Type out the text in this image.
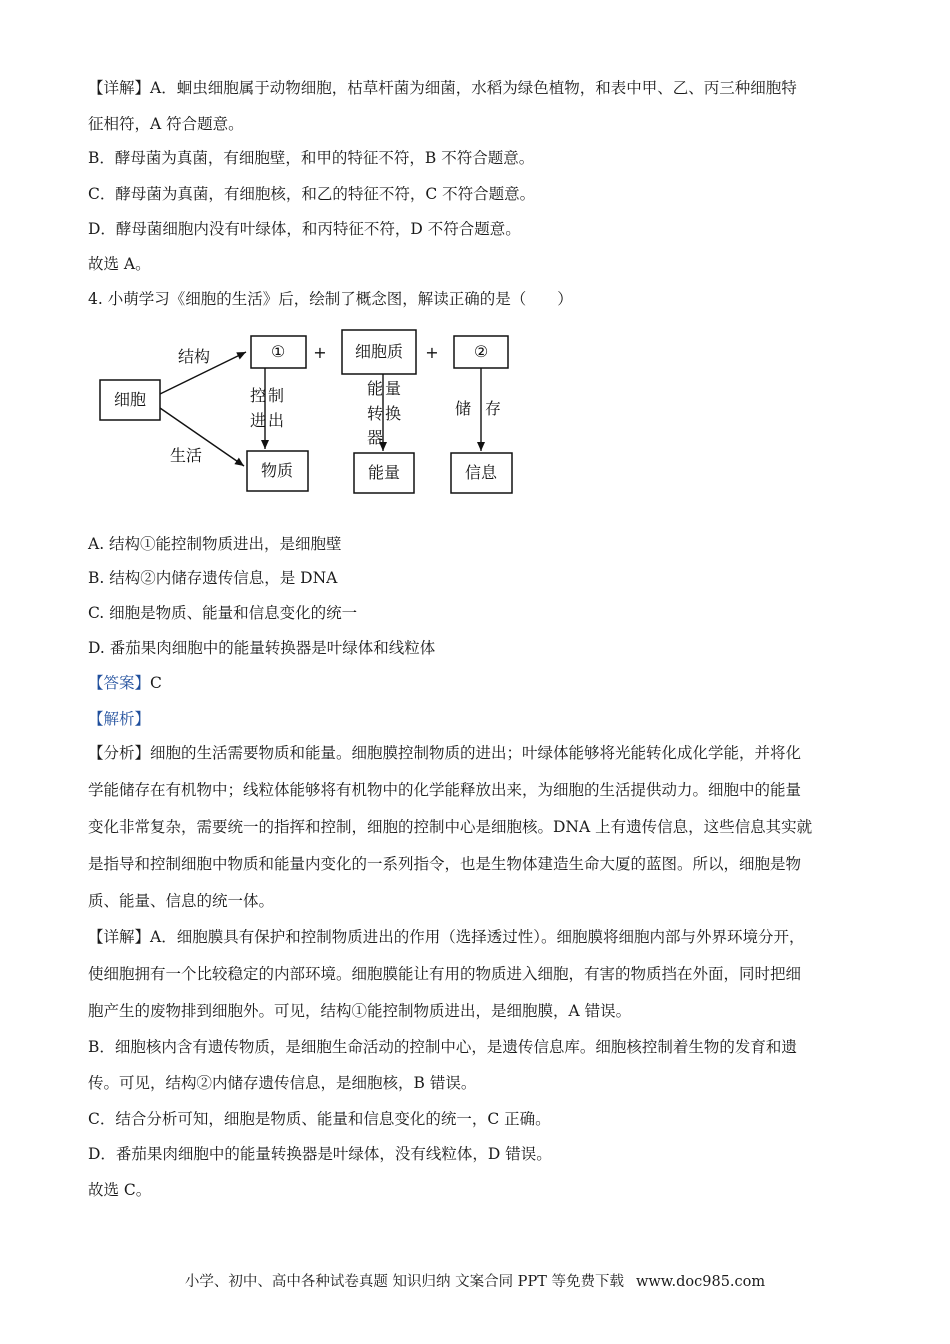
【详解】A．蛔虫细胞属于动物细胞，枯草杆菌为细菌，水稻为绿色植物，和表中甲、乙、丙三种细胞特
征相符，A 符合题意。
B．酵母菌为真菌，有细胞壁，和甲的特征不符，B 不符合题意。
C．酵母菌为真菌，有细胞核，和乙的特征不符，C 不符合题意。
D．酵母菌细胞内没有叶绿体，和丙特征不符，D 不符合题意。
故选 A。
4. 小萌学习《细胞的生活》后，绘制了概念图，解读正确的是（　　）
细胞
① + 细胞质 + ②
物质	能量	信息
结构
生活
控 制
进 出
能 量
转 换
器
储 存
A. 结构①能控制物质进出，是细胞壁
B. 结构②内储存遗传信息，是 DNA
C. 细胞是物质、能量和信息变化的统一
D. 番茄果肉细胞中的能量转换器是叶绿体和线粒体
【答案】C
【解析】
【分析】细胞的生活需要物质和能量。细胞膜控制物质的进出；叶绿体能够将光能转化成化学能，并将化
学能储存在有机物中；线粒体能够将有机物中的化学能释放出来，为细胞的生活提供动力。细胞中的能量
变化非常复杂，需要统一的指挥和控制，细胞的控制中心是细胞核。DNA 上有遗传信息，这些信息其实就
是指导和控制细胞中物质和能量内变化的一系列指令，也是生物体建造生命大厦的蓝图。所以，细胞是物
质、能量、信息的统一体。
【详解】A．细胞膜具有保护和控制物质进出的作用（选择透过性）。细胞膜将细胞内部与外界环境分开，
使细胞拥有一个比较稳定的内部环境。细胞膜能让有用的物质进入细胞，有害的物质挡在外面，同时把细
胞产生的废物排到细胞外。可见，结构①能控制物质进出，是细胞膜，A 错误。
B．细胞核内含有遗传物质，是细胞生命活动的控制中心，是遗传信息库。细胞核控制着生物的发育和遗
传。可见，结构②内储存遗传信息，是细胞核，B 错误。
C．结合分析可知，细胞是物质、能量和信息变化的统一，C 正确。
D．番茄果肉细胞中的能量转换器是叶绿体，没有线粒体，D 错误。
故选 C。
小学、初中、高中各种试卷真题 知识归纳 文案合同 PPT 等免费下载 www.doc985.com
